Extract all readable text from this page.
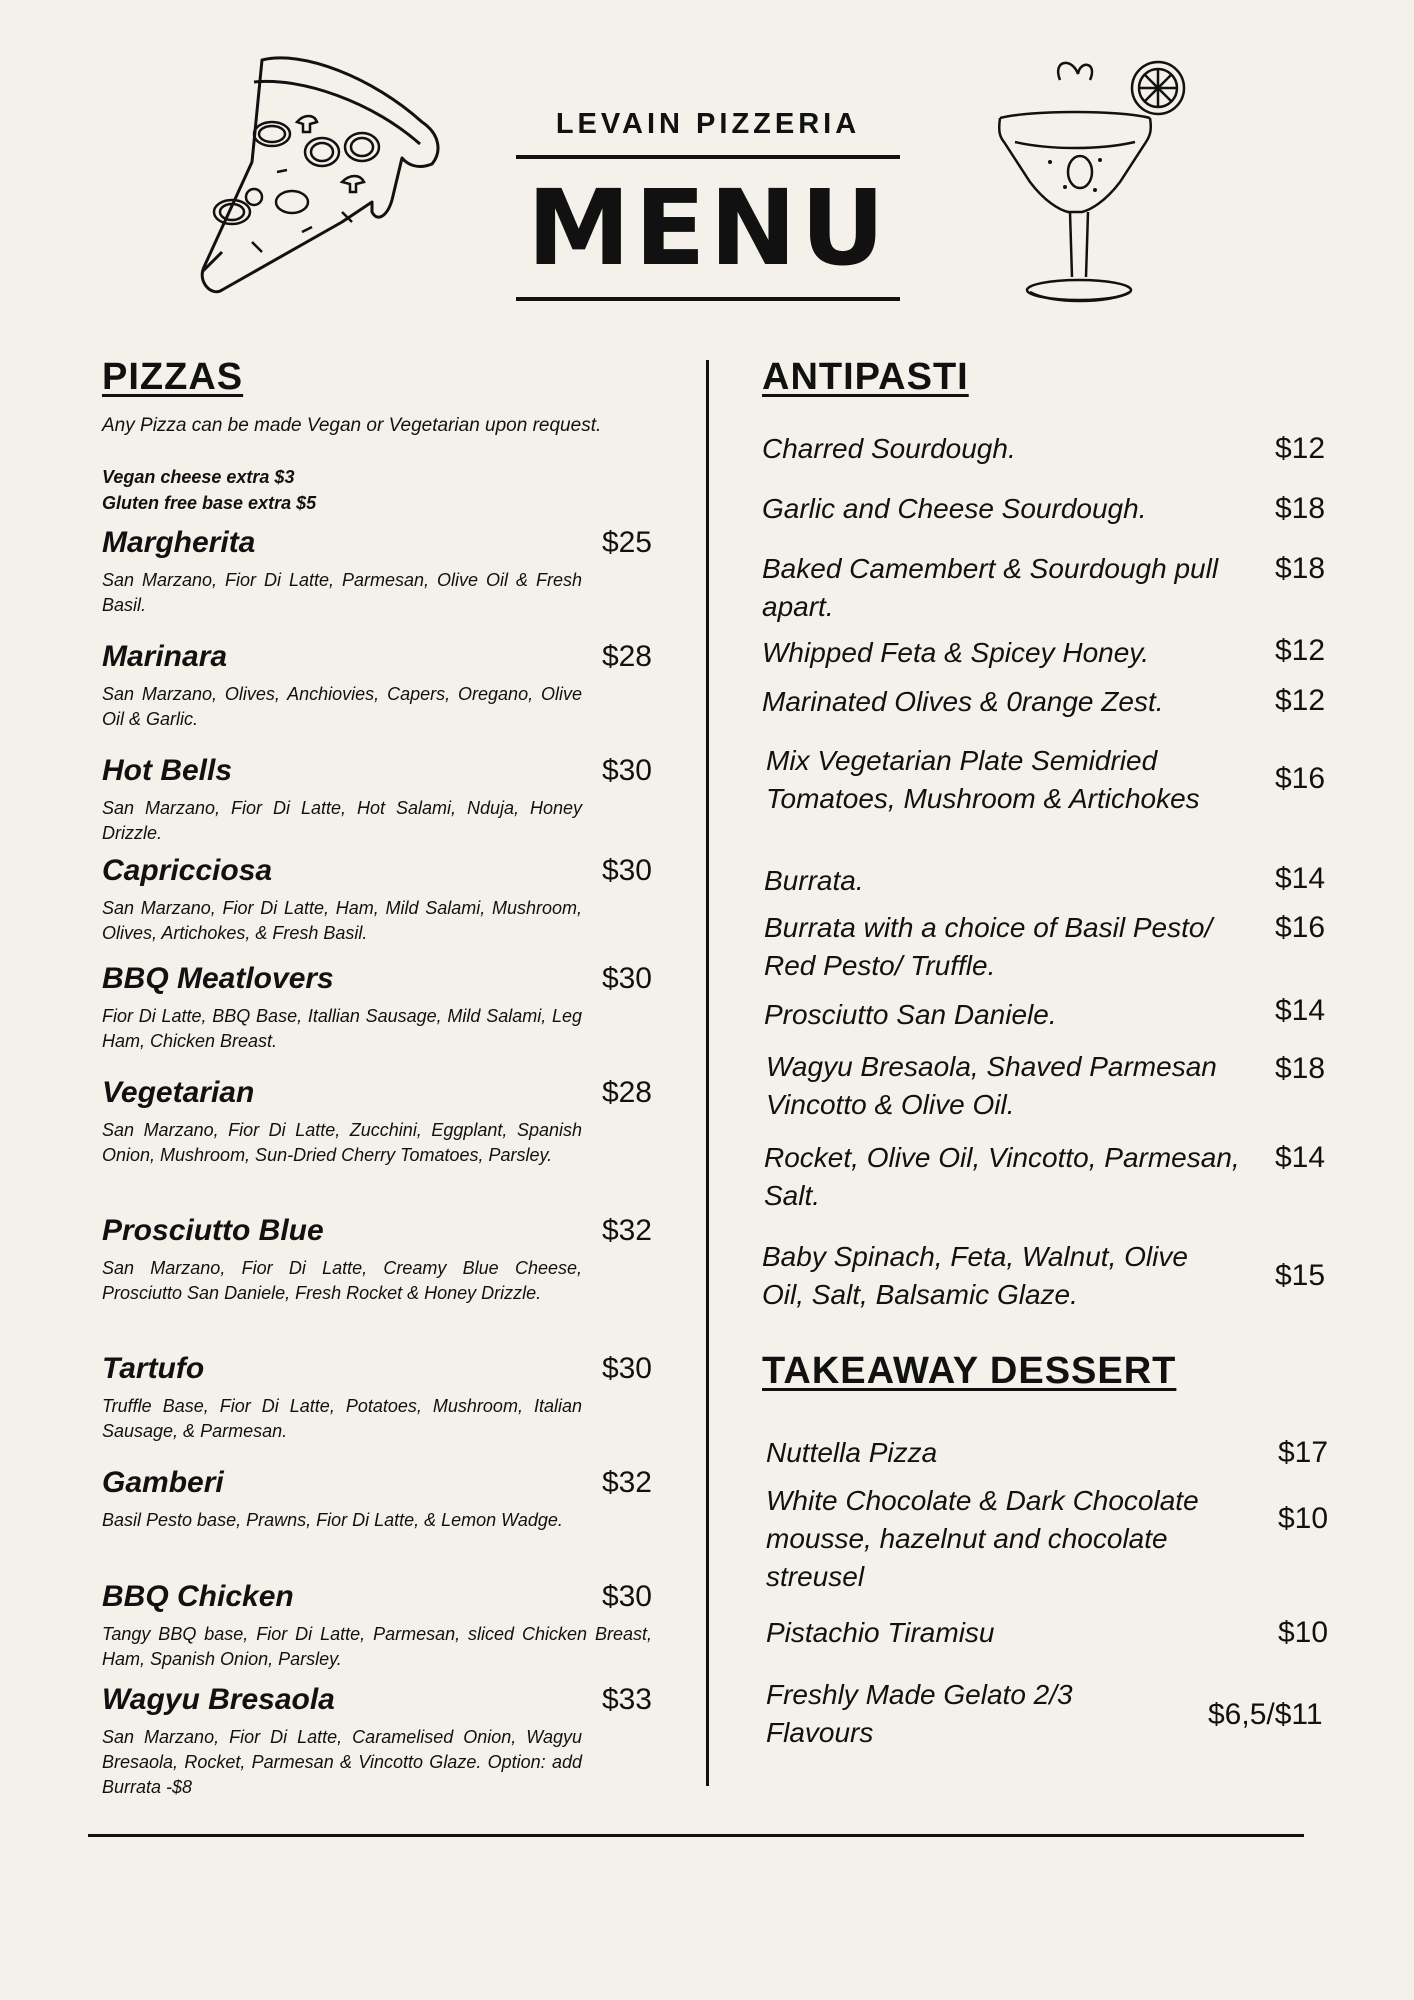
LEVAIN PIZZERIA
MENU
PIZZAS
Any Pizza can be made Vegan or Vegetarian upon request.
Vegan cheese extra $3
Gluten free base extra $5
Margherita	$25
San Marzano, Fior Di Latte, Parmesan, Olive Oil & Fresh Basil.
Marinara	$28
San Marzano, Olives, Anchiovies, Capers, Oregano, Olive Oil & Garlic.
Hot Bells	$30
San Marzano, Fior Di Latte, Hot Salami, Nduja, Honey Drizzle.
Capricciosa	$30
San Marzano, Fior Di Latte, Ham, Mild Salami, Mushroom, Olives, Artichokes, & Fresh Basil.
BBQ Meatlovers	$30
Fior Di Latte, BBQ Base, Itallian Sausage, Mild Salami, Leg Ham, Chicken Breast.
Vegetarian	$28
San Marzano, Fior Di Latte, Zucchini, Eggplant, Spanish Onion, Mushroom, Sun-Dried Cherry Tomatoes, Parsley.
Prosciutto Blue	$32
San Marzano, Fior Di Latte, Creamy Blue Cheese, Prosciutto San Daniele, Fresh Rocket & Honey Drizzle.
Tartufo	$30
Truffle Base, Fior Di Latte, Potatoes, Mushroom, Italian Sausage, & Parmesan.
Gamberi	$32
Basil Pesto base, Prawns, Fior Di Latte, & Lemon Wadge.
BBQ Chicken	$30
Tangy BBQ base, Fior Di Latte, Parmesan, sliced Chicken Breast, Ham, Spanish Onion, Parsley.
Wagyu Bresaola	$33
San Marzano, Fior Di Latte, Caramelised Onion, Wagyu Bresaola, Rocket, Parmesan & Vincotto Glaze. Option: add Burrata -$8
ANTIPASTI
Charred Sourdough.	$12
Garlic and Cheese Sourdough.	$18
Baked Camembert & Sourdough pull apart.
$18
Whipped Feta & Spicey Honey.	$12
Marinated Olives & 0range Zest.	$12
Mix Vegetarian Plate Semidried Tomatoes, Mushroom & Artichokes
$16
Burrata.	$14
Burrata with a choice of Basil Pesto/ Red Pesto/ Truffle.
$16
Prosciutto San Daniele.	$14
Wagyu Bresaola, Shaved Parmesan Vincotto & Olive Oil.
$18
Rocket, Olive Oil, Vincotto, Parmesan, Salt.
$14
Baby Spinach, Feta, Walnut, Olive Oil, Salt, Balsamic Glaze.
$15
TAKEAWAY DESSERT
Nuttella Pizza	$17
White Chocolate & Dark Chocolate mousse, hazelnut and chocolate streusel
$10
Pistachio Tiramisu	$10
Freshly Made Gelato 2/3 Flavours
$6,5/$11
